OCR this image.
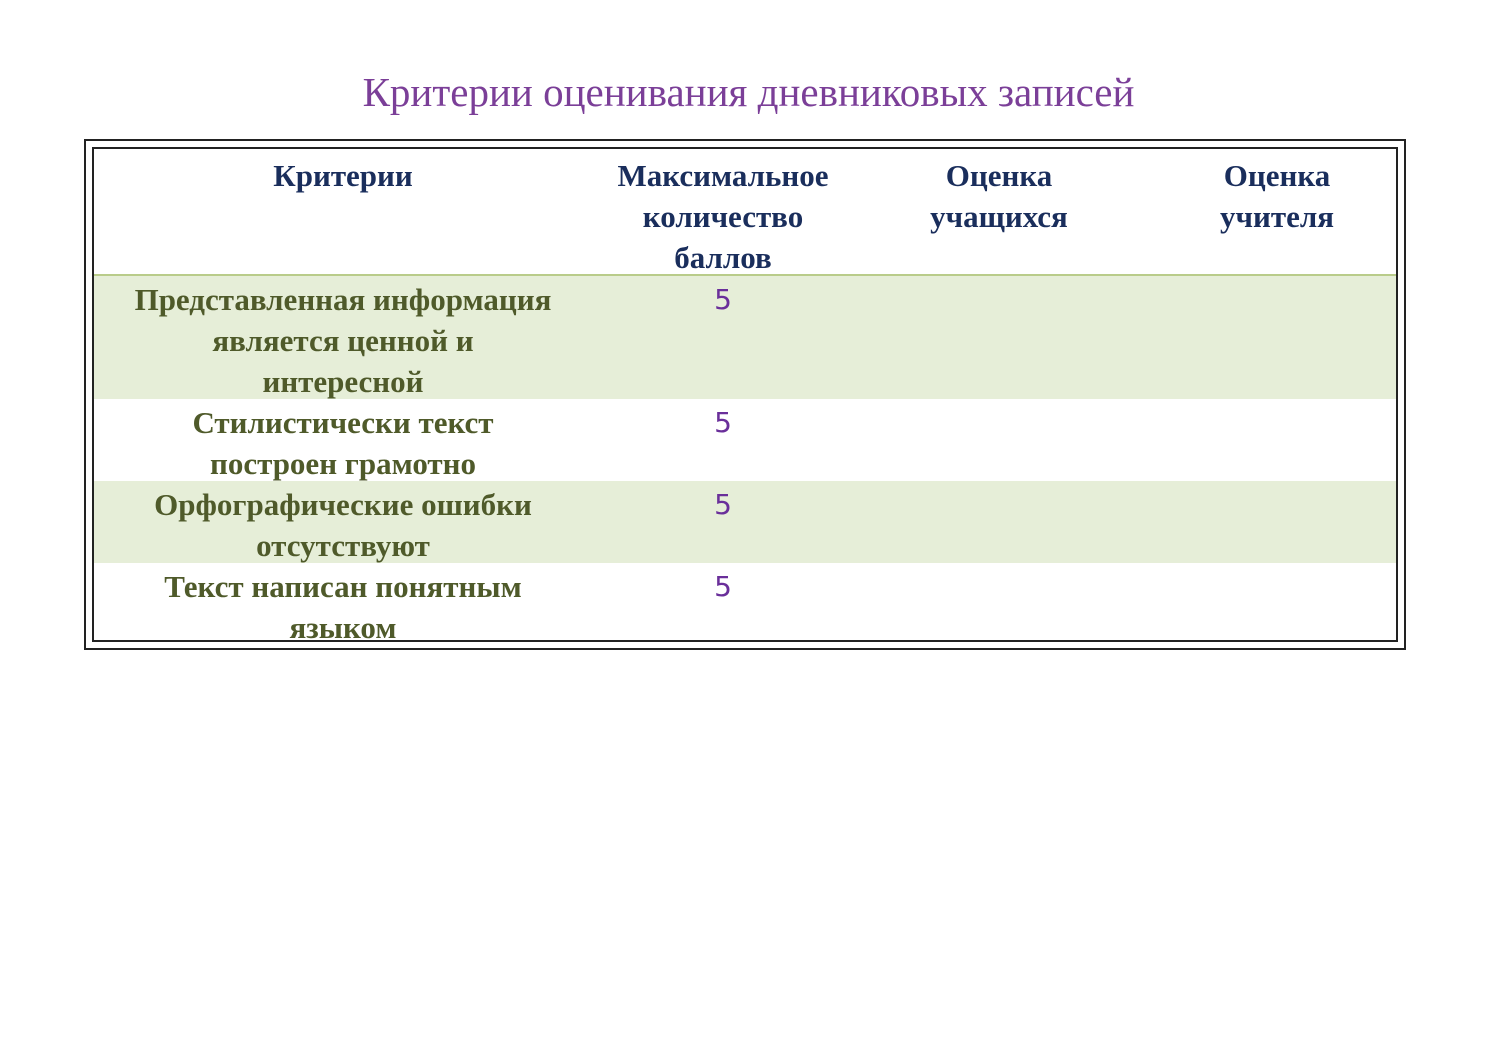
Критерии оценивания дневниковых записей
Критерии	Максимальное
количество
баллов
Оценка
учащихся
Оценка
учителя
Представленная информация
является ценной и
интересной
5
Стилистически текст
построен грамотно
5
Орфографические ошибки
отсутствуют
5
Текст написан понятным
языком
5
